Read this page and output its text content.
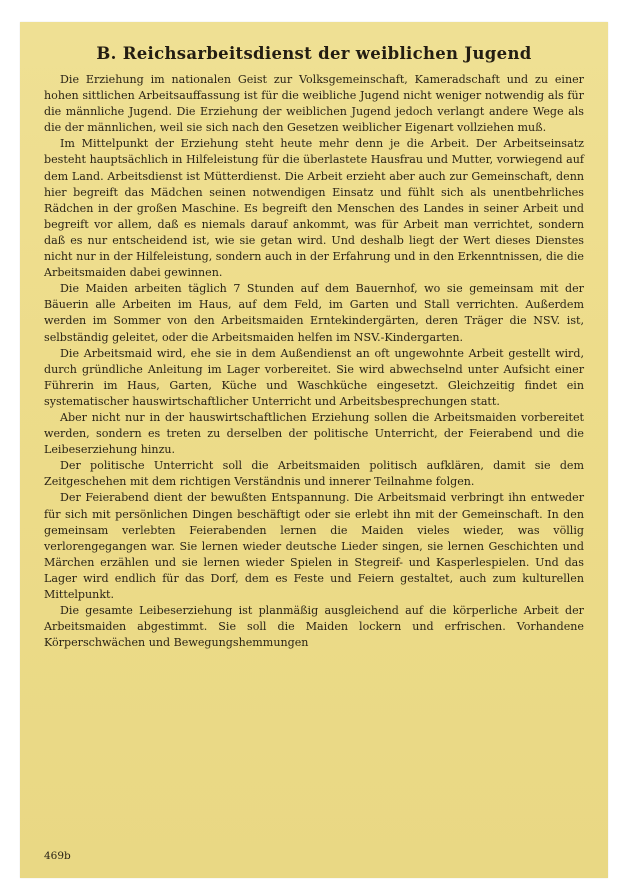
B. Reichsarbeitsdienst der weiblichen Jugend

Die Erziehung im nationalen Geist zur Volksgemeinschaft, Kameradschaft und zu einer hohen sittlichen Arbeitsauffassung ist für die weibliche Jugend nicht weniger notwendig als für die männliche Jugend. Die Erziehung der weiblichen Jugend jedoch verlangt andere Wege als die der männlichen, weil sie sich nach den Gesetzen weiblicher Eigenart vollziehen muß.

Im Mittelpunkt der Erziehung steht heute mehr denn je die Arbeit. Der Arbeitseinsatz besteht hauptsächlich in Hilfeleistung für die überlastete Hausfrau und Mutter, vorwiegend auf dem Land. Arbeitsdienst ist Mütterdienst. Die Arbeit erzieht aber auch zur Gemeinschaft, denn hier begreift das Mädchen seinen notwendigen Einsatz und fühlt sich als unentbehrliches Rädchen in der großen Maschine. Es begreift den Menschen des Landes in seiner Arbeit und begreift vor allem, daß es niemals darauf ankommt, was für Arbeit man verrichtet, sondern daß es nur entscheidend ist, wie sie getan wird. Und deshalb liegt der Wert dieses Dienstes nicht nur in der Hilfeleistung, sondern auch in der Erfahrung und in den Erkenntnissen, die die Arbeitsmaiden dabei gewinnen.

Die Maiden arbeiten täglich 7 Stunden auf dem Bauernhof, wo sie gemeinsam mit der Bäuerin alle Arbeiten im Haus, auf dem Feld, im Garten und Stall verrichten. Außerdem werden im Sommer von den Arbeitsmaiden Erntekindergärten, deren Träger die NSV. ist, selbständig geleitet, oder die Arbeitsmaiden helfen im NSV.-Kindergarten.

Die Arbeitsmaid wird, ehe sie in dem Außendienst an oft ungewohnte Arbeit gestellt wird, durch gründliche Anleitung im Lager vorbereitet. Sie wird abwechselnd unter Aufsicht einer Führerin im Haus, Garten, Küche und Waschküche eingesetzt. Gleichzeitig findet ein systematischer hauswirtschaftlicher Unterricht und Arbeitsbesprechungen statt.

Aber nicht nur in der hauswirtschaftlichen Erziehung sollen die Arbeitsmaiden vorbereitet werden, sondern es treten zu derselben der politische Unterricht, der Feierabend und die Leibeserziehung hinzu.

Der politische Unterricht soll die Arbeitsmaiden politisch aufklären, damit sie dem Zeitgeschehen mit dem richtigen Verständnis und innerer Teilnahme folgen.

Der Feierabend dient der bewußten Entspannung. Die Arbeitsmaid verbringt ihn entweder für sich mit persönlichen Dingen beschäftigt oder sie erlebt ihn mit der Gemeinschaft. In den gemeinsam verlebten Feierabenden lernen die Maiden vieles wieder, was völlig verlorengegangen war. Sie lernen wieder deutsche Lieder singen, sie lernen Geschichten und Märchen erzählen und sie lernen wieder Spielen in Stegreif- und Kasperlespielen. Und das Lager wird endlich für das Dorf, dem es Feste und Feiern gestaltet, auch zum kulturellen Mittelpunkt.

Die gesamte Leibeserziehung ist planmäßig ausgleichend auf die körperliche Arbeit der Arbeitsmaiden abgestimmt. Sie soll die Maiden lockern und erfrischen. Vorhandene Körperschwächen und Bewegungshemmungen

469b
